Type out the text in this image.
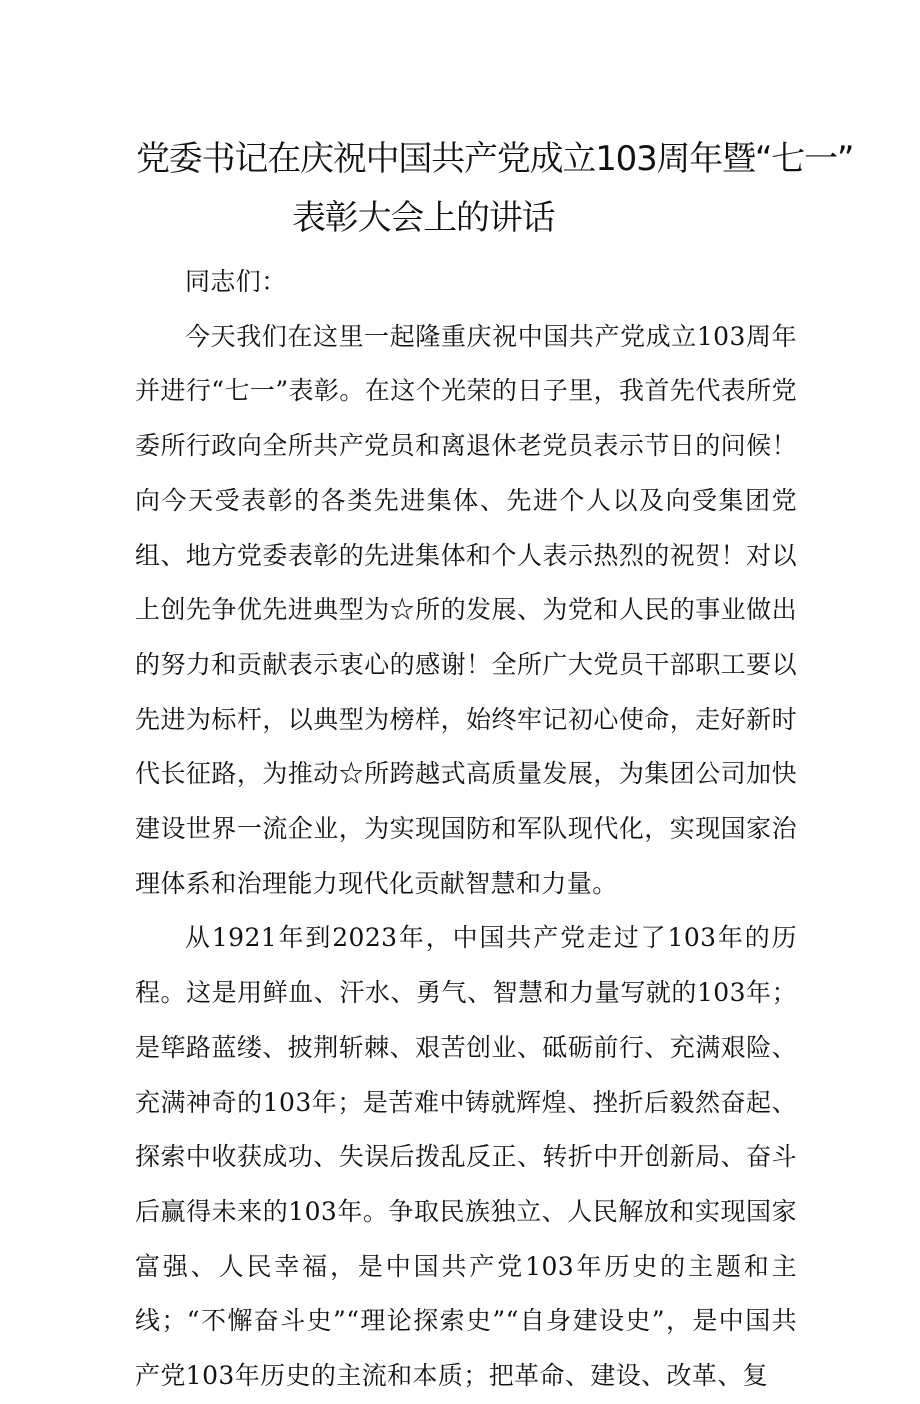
党委书记在庆祝中国共产党成立103周年暨“七一”
表彰大会上的讲话

同志们：

今天我们在这里一起隆重庆祝中国共产党成立103周年并进行“七一”表彰。在这个光荣的日子里，我首先代表所党委所行政向全所共产党员和离退休老党员表示节日的问候！向今天受表彰的各类先进集体、先进个人以及向受集团党组、地方党委表彰的先进集体和个人表示热烈的祝贺！对以上创先争优先进典型为☆所的发展、为党和人民的事业做出的努力和贡献表示衷心的感谢！全所广大党员干部职工要以先进为标杆，以典型为榜样，始终牢记初心使命，走好新时代长征路，为推动☆所跨越式高质量发展，为集团公司加快建设世界一流企业，为实现国防和军队现代化，实现国家治理体系和治理能力现代化贡献智慧和力量。

从1921年到2023年，中国共产党走过了103年的历程。这是用鲜血、汗水、勇气、智慧和力量写就的103年；是筚路蓝缕、披荆斩棘、艰苦创业、砥砺前行、充满艰险、充满神奇的103年；是苦难中铸就辉煌、挫折后毅然奋起、探索中收获成功、失误后拨乱反正、转折中开创新局、奋斗后赢得未来的103年。争取民族独立、人民解放和实现国家富强、人民幸福，是中国共产党103年历史的主题和主线；“不懈奋斗史”“理论探索史”“自身建设史”，是中国共产党103年历史的主流和本质；把革命、建设、改革、复
